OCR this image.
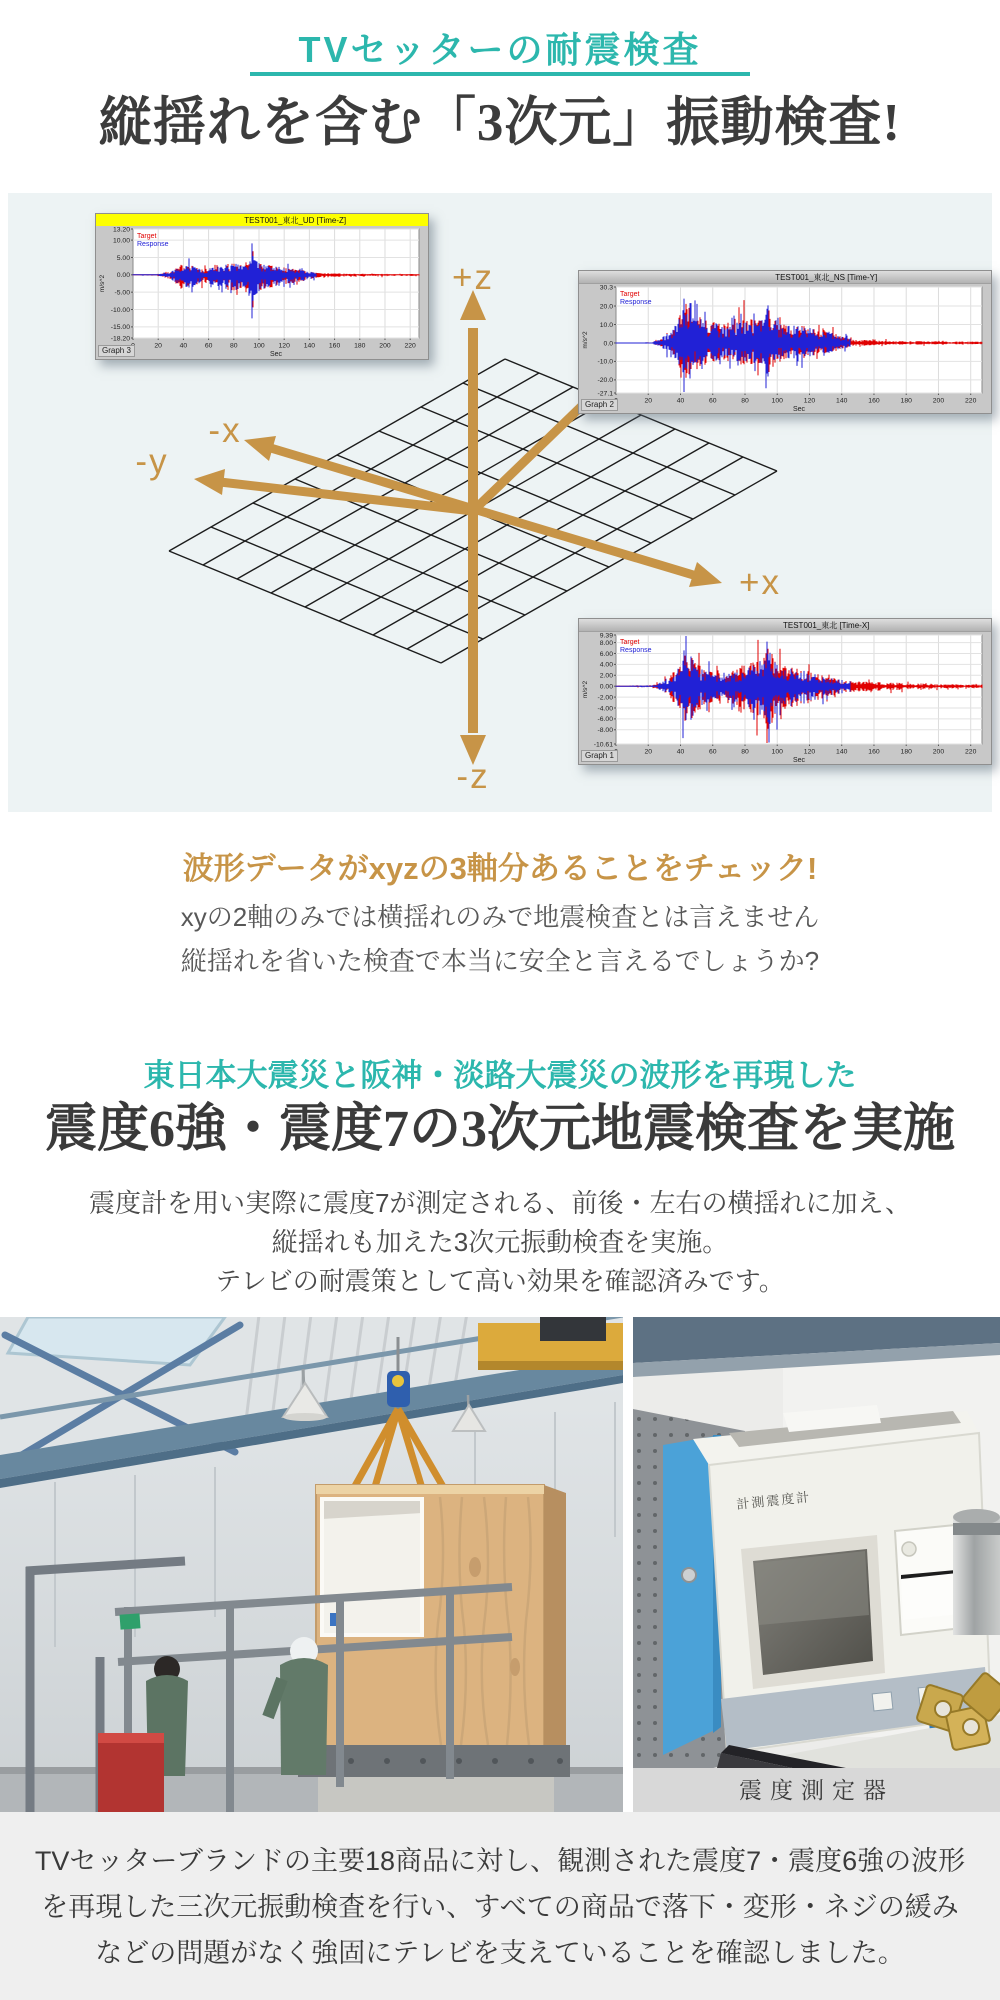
TVセッターの耐震検査
縦揺れを含む「3次元」振動検査!
+z
-z
-x
+x
-y
TEST001_東北_UD [Time-Z]
20	40	60	80 100 120 140 160 180 200 220
13.20
10.00
5.00
0.00
-5.00
-10.00
-15.00
-18.20
Sec
m/s^2
Target
Response
Graph 3
TEST001_東北_NS [Time-Y]
20	40	60	80	100	120	140	160	180	200	220
30.3
20.0
10.0
0.0
-10.0
-20.0
-27.1
Sec
m/s^2
Target
Response
Graph 2
TEST001_東北 [Time-X]
20	40	60	80	100	120	140	160	180	200	220
9.39
8.00
6.00
4.00
2.00
0.00
-2.00
-4.00
-6.00
-8.00
-10.61
Sec
m/s^2
Target
Response
Graph 1
波形データがxyzの3軸分あることをチェック!
xyの2軸のみでは横揺れのみで地震検査とは言えません
縦揺れを省いた検査で本当に安全と言えるでしょうか?
東日本大震災と阪神・淡路大震災の波形を再現した
震度6強・震度7の3次元地震検査を実施
震度計を用い実際に震度7が測定される、前後・左右の横揺れに加え、
縦揺れも加えた3次元振動検査を実施。
テレビの耐震策として高い効果を確認済みです。
計測震度計
震度測定器
TVセッターブランドの主要18商品に対し、観測された震度7・震度6強の波形
を再現した三次元振動検査を行い、すべての商品で落下・変形・ネジの緩み
などの問題がなく強固にテレビを支えていることを確認しました。
